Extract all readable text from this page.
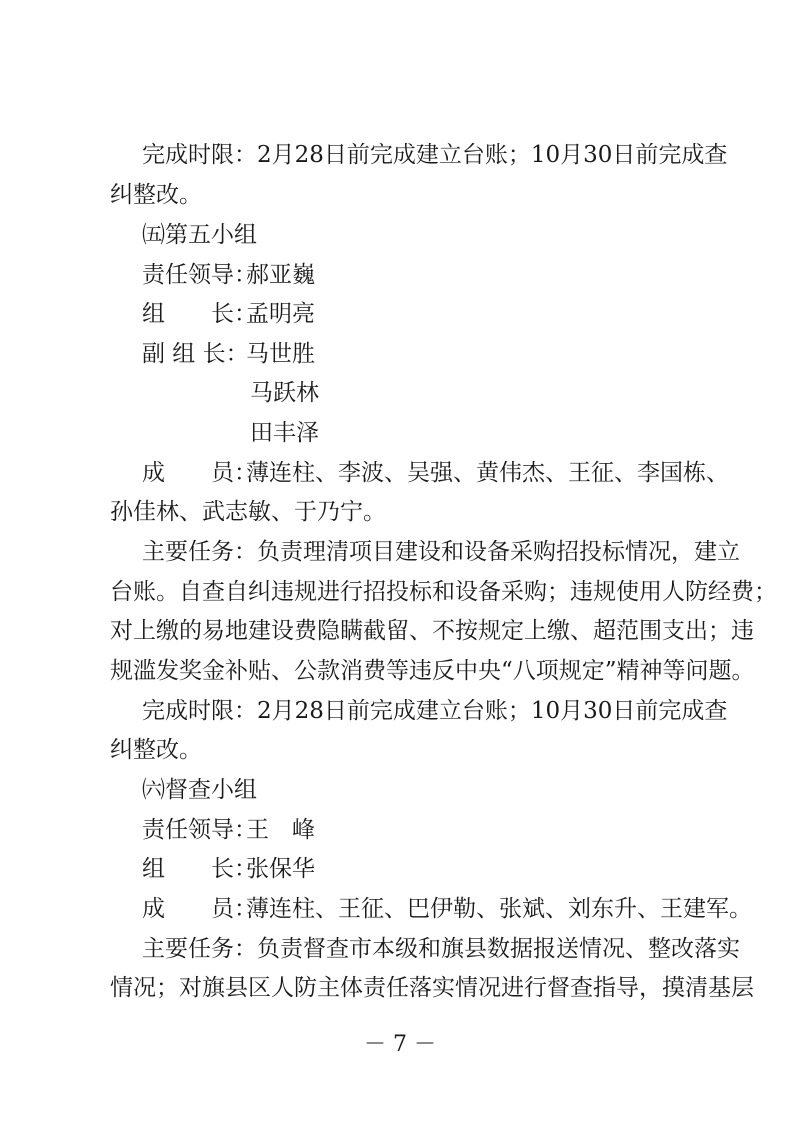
完成时限：2月28日前完成建立台账；10月30日前完成查
纠整改。
㈤第五小组
责任领导：郝亚巍
组　　长：孟明亮
副 组 长：马世胜
马跃林
田丰泽
成　　员：薄连柱、李波、吴强、黄伟杰、王征、李国栋、
孙佳林、武志敏、于乃宁。
主要任务：负责理清项目建设和设备采购招投标情况，建立
台账。自查自纠违规进行招投标和设备采购；违规使用人防经费；
对上缴的易地建设费隐瞒截留、不按规定上缴、超范围支出；违
规滥发奖金补贴、公款消费等违反中央“八项规定”精神等问题。
完成时限：2月28日前完成建立台账；10月30日前完成查
纠整改。
㈥督查小组
责任领导：王　峰
组　　长：张保华
成　　员：薄连柱、王征、巴伊勒、张斌、刘东升、王建军。
主要任务：负责督查市本级和旗县数据报送情况、整改落实
情况；对旗县区人防主体责任落实情况进行督查指导，摸清基层
－ 7 －
